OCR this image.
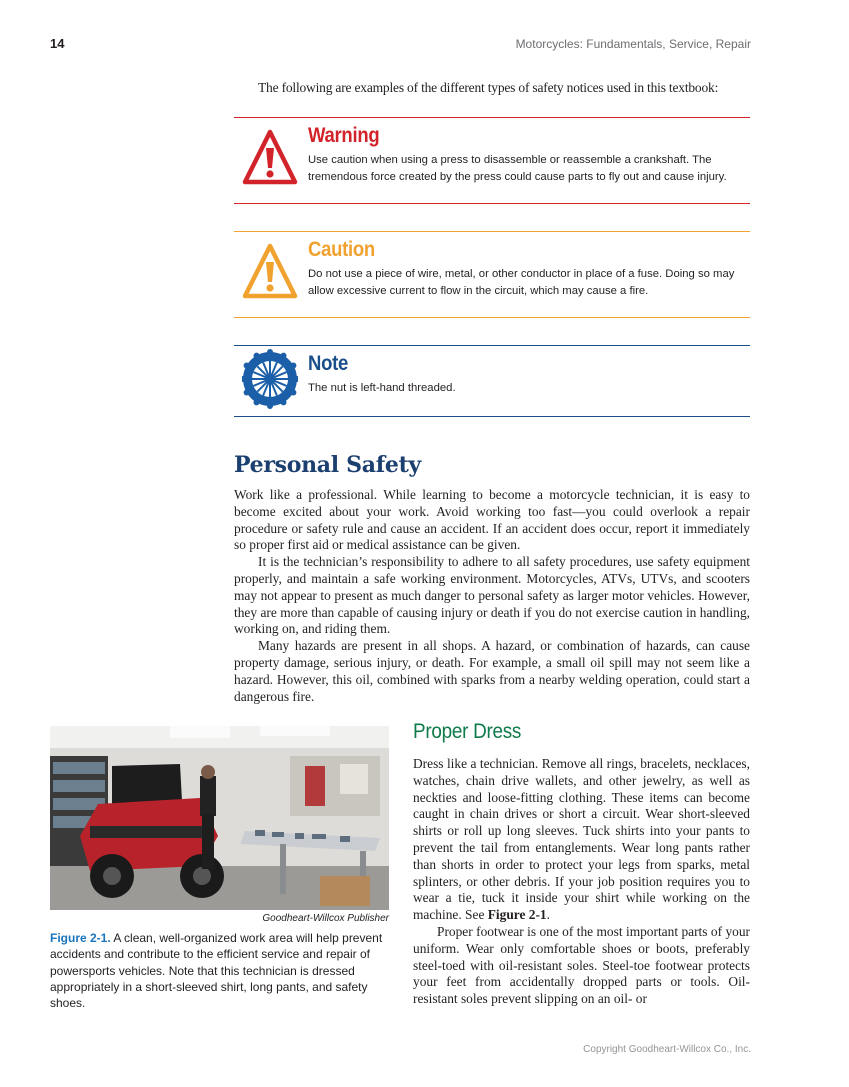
14	Motorcycles: Fundamentals, Service, Repair
The following are examples of the different types of safety notices used in this textbook:
Warning
Use caution when using a press to disassemble or reassemble a crankshaft. The tremendous force created by the press could cause parts to fly out and cause injury.
Caution
Do not use a piece of wire, metal, or other conductor in place of a fuse. Doing so may allow excessive current to flow in the circuit, which may cause a fire.
Note
The nut is left-hand threaded.
Personal Safety

Work like a professional. While learning to become a motorcycle technician, it is easy to become excited about your work. Avoid working too fast—you could overlook a repair procedure or safety rule and cause an accident. If an accident does occur, report it immediately so proper first aid or medical assistance can be given.

It is the technician’s responsibility to adhere to all safety procedures, use safety equipment properly, and maintain a safe working environment. Motorcycles, ATVs, UTVs, and scooters may not appear to present as much danger to personal safety as larger motor vehicles. However, they are more than capable of causing injury or death if you do not exercise caution in handling, working on, and riding them.

Many hazards are present in all shops. A hazard, or combination of hazards, can cause property damage, serious injury, or death. For example, a small oil spill may not seem like a hazard. However, this oil, combined with sparks from a nearby welding operation, could start a dangerous fire.

Goodheart-Willcox Publisher
Figure 2-1. A clean, well-organized work area will help prevent accidents and contribute to the efficient service and repair of powersports vehicles. Note that this technician is dressed appropriately in a short-sleeved shirt, long pants, and safety shoes.
Proper Dress

Dress like a technician. Remove all rings, bracelets, necklaces, watches, chain drive wallets, and other jewelry, as well as neckties and loose-fitting clothing. These items can become caught in chain drives or short a circuit. Wear short-sleeved shirts or roll up long sleeves. Tuck shirts into your pants to prevent the tail from entanglements. Wear long pants rather than shorts in order to protect your legs from sparks, metal splinters, or other debris. If your job position requires you to wear a tie, tuck it inside your shirt while working on the machine. See Figure 2-1.

Proper footwear is one of the most important parts of your uniform. Wear only comfortable shoes or boots, preferably steel-toed with oil-resistant soles. Steel-toe footwear protects your feet from accidentally dropped parts or tools. Oil-resistant soles prevent slipping on an oil- or

Copyright Goodheart-Willcox Co., Inc.
